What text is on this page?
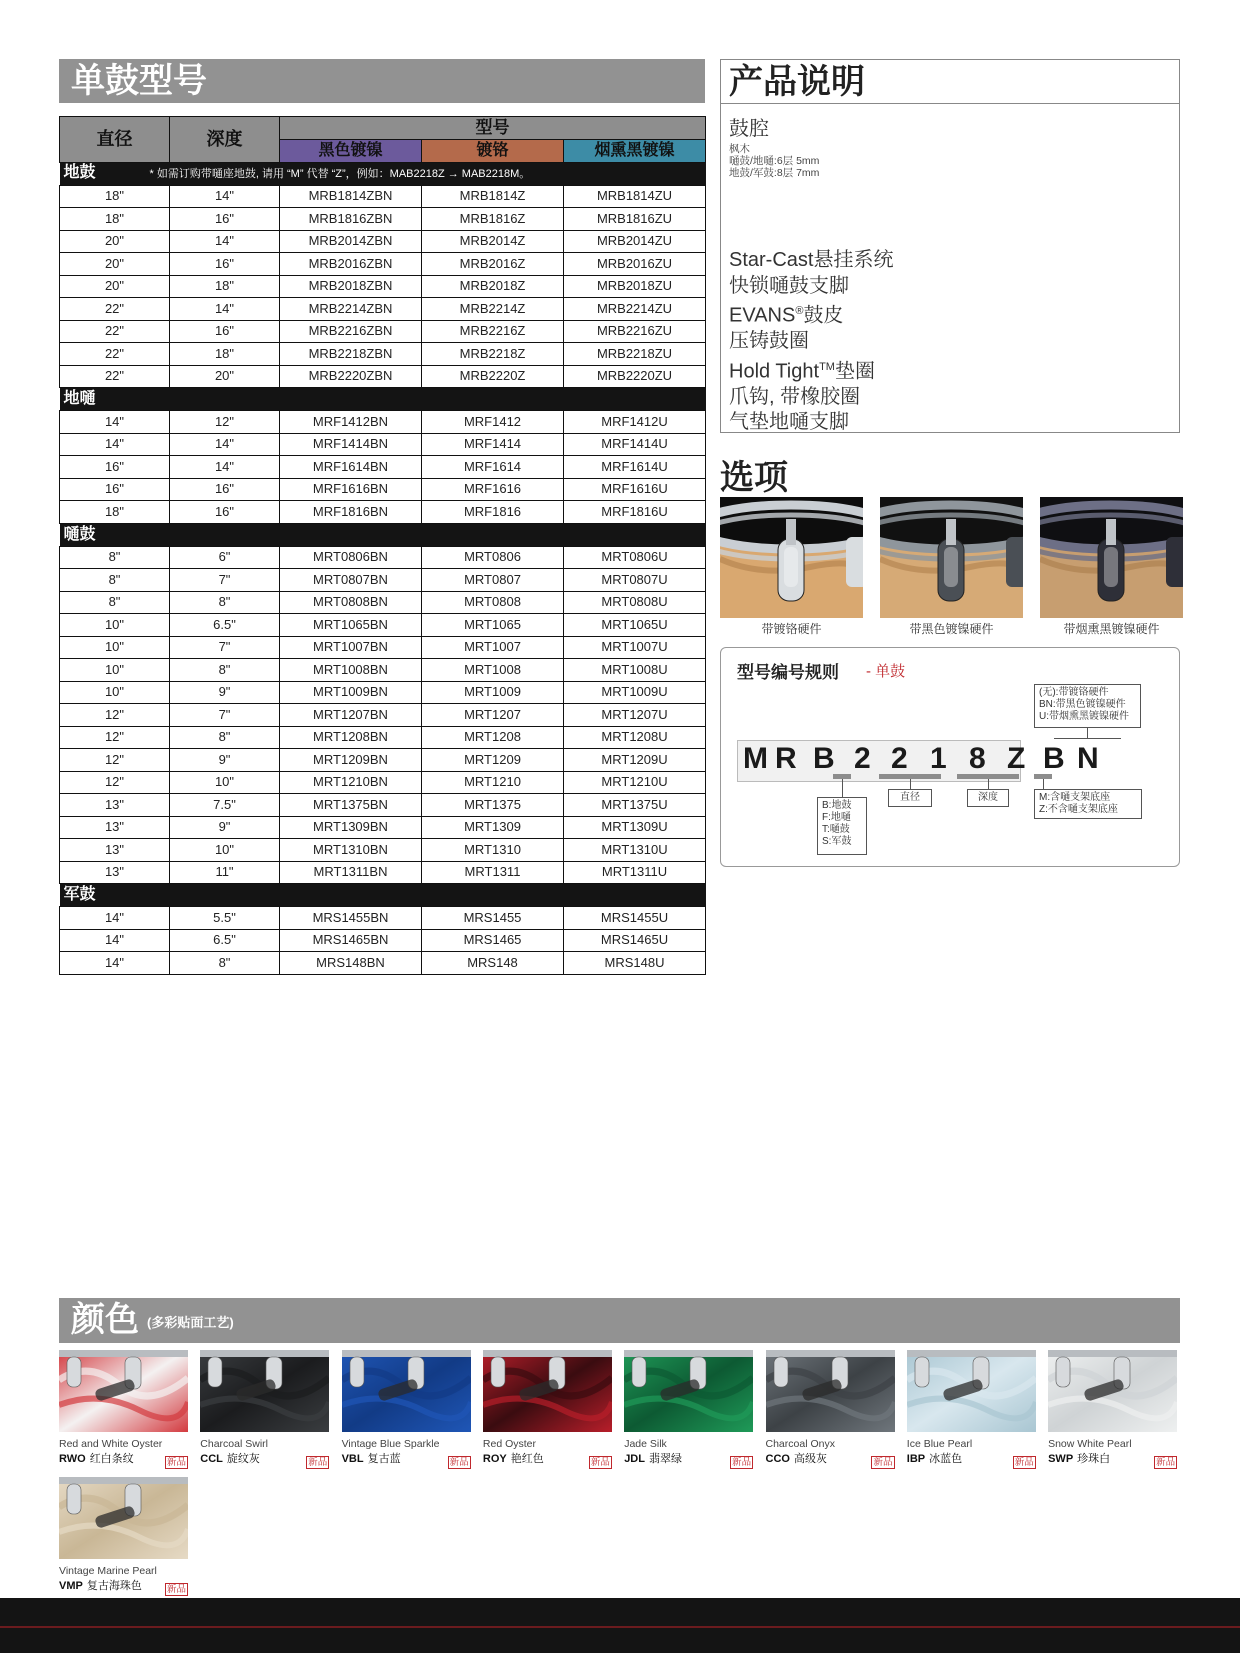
单鼓型号
直径	深度	型号		
		黑色镀镍	镀铬	烟熏黑镀镍
地鼓 * 如需订购带嗵座地鼓, 请用 “M” 代替 “Z”，例如：MAB2218Z → MAB2218M。				
18"	14"	MRB1814ZBN	MRB1814Z	MRB1814ZU
18"	16"	MRB1816ZBN	MRB1816Z	MRB1816ZU
20"	14"	MRB2014ZBN	MRB2014Z	MRB2014ZU
20"	16"	MRB2016ZBN	MRB2016Z	MRB2016ZU
20"	18"	MRB2018ZBN	MRB2018Z	MRB2018ZU
22"	14"	MRB2214ZBN	MRB2214Z	MRB2214ZU
22"	16"	MRB2216ZBN	MRB2216Z	MRB2216ZU
22"	18"	MRB2218ZBN	MRB2218Z	MRB2218ZU
22"	20"	MRB2220ZBN	MRB2220Z	MRB2220ZU
地嗵				
14"	12"	MRF1412BN	MRF1412	MRF1412U
14"	14"	MRF1414BN	MRF1414	MRF1414U
16"	14"	MRF1614BN	MRF1614	MRF1614U
16"	16"	MRF1616BN	MRF1616	MRF1616U
18"	16"	MRF1816BN	MRF1816	MRF1816U
嗵鼓				
8"	6"	MRT0806BN	MRT0806	MRT0806U
8"	7"	MRT0807BN	MRT0807	MRT0807U
8"	8"	MRT0808BN	MRT0808	MRT0808U
10"	6.5"	MRT1065BN	MRT1065	MRT1065U
10"	7"	MRT1007BN	MRT1007	MRT1007U
10"	8"	MRT1008BN	MRT1008	MRT1008U
10"	9"	MRT1009BN	MRT1009	MRT1009U
12"	7"	MRT1207BN	MRT1207	MRT1207U
12"	8"	MRT1208BN	MRT1208	MRT1208U
12"	9"	MRT1209BN	MRT1209	MRT1209U
12"	10"	MRT1210BN	MRT1210	MRT1210U
13"	7.5"	MRT1375BN	MRT1375	MRT1375U
13"	9"	MRT1309BN	MRT1309	MRT1309U
13"	10"	MRT1310BN	MRT1310	MRT1310U
13"	11"	MRT1311BN	MRT1311	MRT1311U
军鼓				
14"	5.5"	MRS1455BN	MRS1455	MRS1455U
14"	6.5"	MRS1465BN	MRS1465	MRS1465U
14"	8"	MRS148BN	MRS148	MRS148U
产品说明
鼓腔
枫木
嗵鼓/地嗵:6层 5mm
地鼓/军鼓:8层 7mm
Star-Cast悬挂系统
快锁嗵鼓支脚
EVANS®鼓皮
压铸鼓圈
Hold Tight™垫圈
爪钩, 带橡胶圈
气垫地嗵支脚
选项
带镀铬硬件	带黑色镀镍硬件	带烟熏黑镀镍硬件
型号编号规则 - 单鼓
(无):带镀铬硬件
BN:带黑色镀镍硬件
U:带烟熏黑镀镍硬件
B:地鼓
F:地嗵
T:嗵鼓
S:军鼓
直径	深度	M:含嗵支架底座
Z:不含嗵支架底座
M R B 2 2 1 8 Z B N
颜色 (多彩贴面工艺)
Red and White Oyster
RWO 红白条纹	新品
Charcoal Swirl
CCL 旋纹灰	新品
Vintage Blue Sparkle
VBL 复古蓝	新品
Red Oyster
ROY 艳红色	新品
Jade Silk
JDL 翡翠绿	新品
Charcoal Onyx
CCO 高级灰	新品
Ice Blue Pearl
IBP 冰蓝色	新品
Snow White Pearl
SWP 珍珠白	新品
Vintage Marine Pearl
VMP 复古海珠色	新品
